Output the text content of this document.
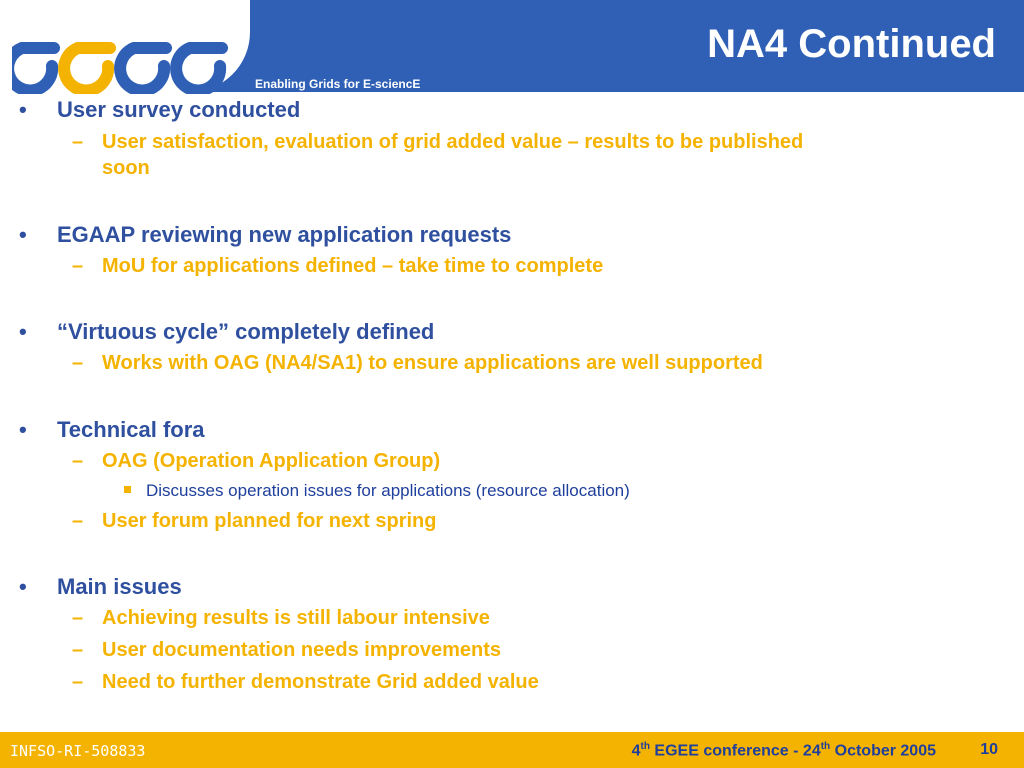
Enabling Grids for E-sciencE
NA4 Continued
• User survey conducted
– User satisfaction, evaluation of grid added value – results to be published
soon
• EGAAP reviewing new application requests
– MoU for applications defined – take time to complete
• “Virtuous cycle” completely defined
– Works with OAG (NA4/SA1) to ensure applications are well supported
• Technical fora
– OAG (Operation Application Group)
Discusses operation issues for applications (resource allocation)
– User forum planned for next spring
• Main issues
– Achieving results is still labour intensive
– User documentation needs improvements
– Need to further demonstrate Grid added value
INFSO-RI-508833	4th EGEE conference - 24th October 2005	10
